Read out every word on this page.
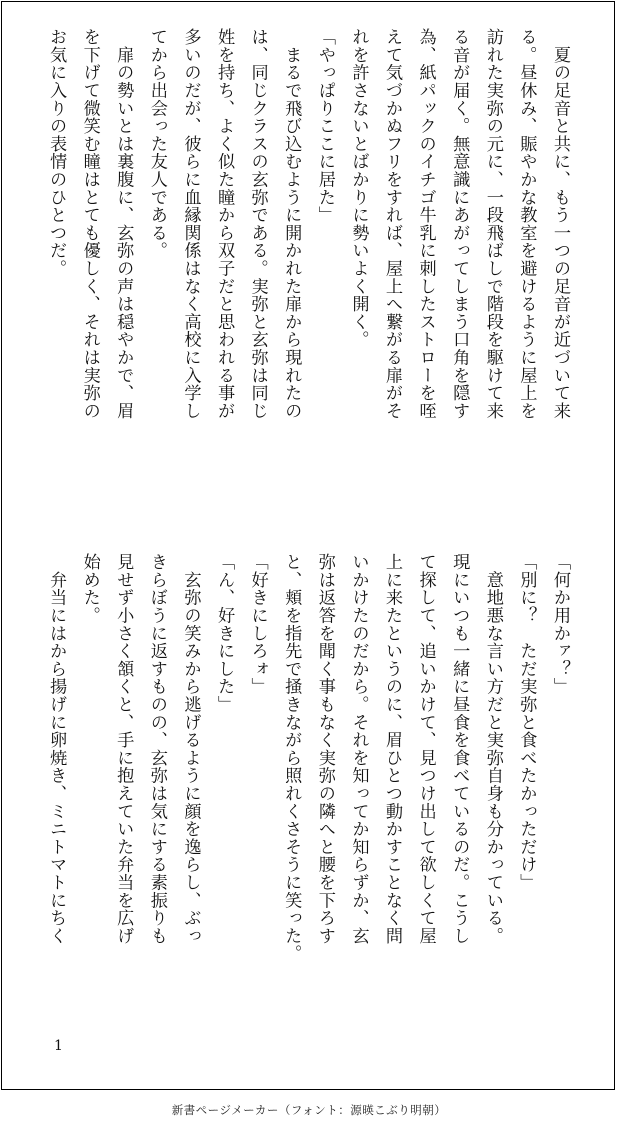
　夏の足音と共に、もう一つの足音が近づいて来
る。昼休み、賑やかな教室を避けるように屋上を
訪れた実弥の元に、一段飛ばしで階段を駆けて来
る音が届く。無意識にあがってしまう口角を隠す
為、紙パックのイチゴ牛乳に刺したストローを咥
えて気づかぬフリをすれば、屋上へ繋がる扉がそ
れを許さないとばかりに勢いよく開く。
「やっぱりここに居た」
　まるで飛び込むように開かれた扉から現れたの
は、同じクラスの玄弥である。実弥と玄弥は同じ
姓を持ち、よく似た瞳から双子だと思われる事が
多いのだが、彼らに血縁関係はなく高校に入学し
てから出会った友人である。
　扉の勢いとは裏腹に、玄弥の声は穏やかで、眉
を下げて微笑む瞳はとても優しく、それは実弥の
お気に入りの表情のひとつだ。
「何か用かァ？」
「別に？　ただ実弥と食べたかっただけ」
　意地悪な言い方だと実弥自身も分かっている。
現にいつも一緒に昼食を食べているのだ。こうし
て探して、追いかけて、見つけ出して欲しくて屋
上に来たというのに、眉ひとつ動かすことなく問
いかけたのだから。それを知ってか知らずか、玄
弥は返答を聞く事もなく実弥の隣へと腰を下ろす
と、頬を指先で掻きながら照れくさそうに笑った。
「好きにしろォ」
「ん、好きにした」
　玄弥の笑みから逃げるように顔を逸らし、ぶっ
きらぼうに返すものの、玄弥は気にする素振りも
見せず小さく頷くと、手に抱えていた弁当を広げ
始めた。
　弁当にはから揚げに卵焼き、ミニトマトにちく
1
新書ページメーカー（フォント：源暎こぶり明朝）
